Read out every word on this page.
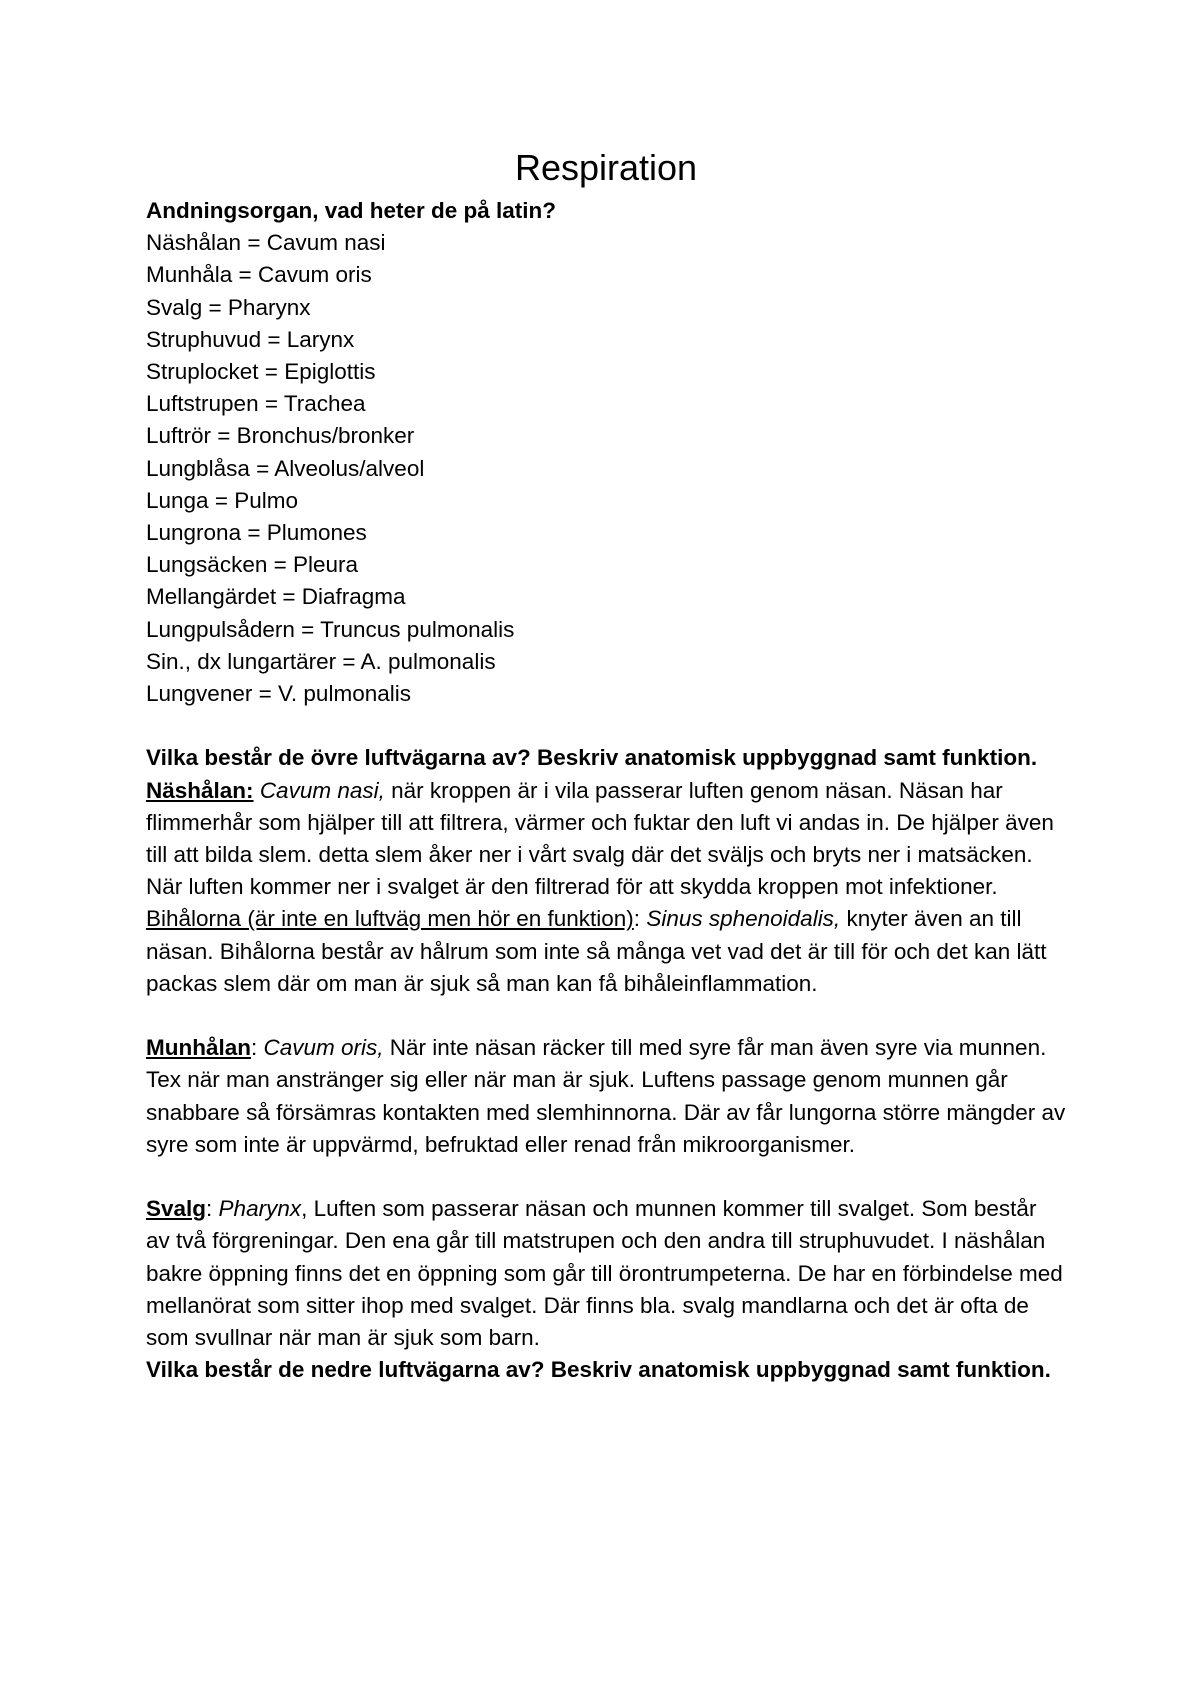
Respiration

Andningsorgan, vad heter de på latin?

Näshålan = Cavum nasi

Munhåla = Cavum oris

Svalg = Pharynx

Struphuvud = Larynx

Struplocket = Epiglottis

Luftstrupen = Trachea

Luftrör = Bronchus/bronker

Lungblåsa = Alveolus/alveol

Lunga = Pulmo

Lungrona = Plumones

Lungsäcken = Pleura

Mellangärdet = Diafragma

Lungpulsådern = Truncus pulmonalis

Sin., dx lungartärer = A. pulmonalis

Lungvener = V. pulmonalis

Vilka består de övre luftvägarna av? Beskriv anatomisk uppbyggnad samt funktion.

Näshålan: Cavum nasi, när kroppen är i vila passerar luften genom näsan. Näsan har flimmerhår som hjälper till att filtrera, värmer och fuktar den luft vi andas in. De hjälper även till att bilda slem. detta slem åker ner i vårt svalg där det sväljs och bryts ner i matsäcken. När luften kommer ner i svalget är den filtrerad för att skydda kroppen mot infektioner.

Bihålorna (är inte en luftväg men hör en funktion): Sinus sphenoidalis, knyter även an till näsan. Bihålorna består av hålrum som inte så många vet vad det är till för och det kan lätt packas slem där om man är sjuk så man kan få bihåleinflammation.

Munhålan: Cavum oris, När inte näsan räcker till med syre får man även syre via munnen. Tex när man anstränger sig eller när man är sjuk. Luftens passage genom munnen går snabbare så försämras kontakten med slemhinnorna. Där av får lungorna större mängder av syre som inte är uppvärmd, befruktad eller renad från mikroorganismer.

Svalg: Pharynx, Luften som passerar näsan och munnen kommer till svalget. Som består av två förgreningar. Den ena går till matstrupen och den andra till struphuvudet. I näshålan bakre öppning finns det en öppning som går till örontrumpeterna. De har en förbindelse med mellanörat som sitter ihop med svalget. Där finns bla. svalg mandlarna och det är ofta de som svullnar när man är sjuk som barn.

Vilka består de nedre luftvägarna av? Beskriv anatomisk uppbyggnad samt funktion.
